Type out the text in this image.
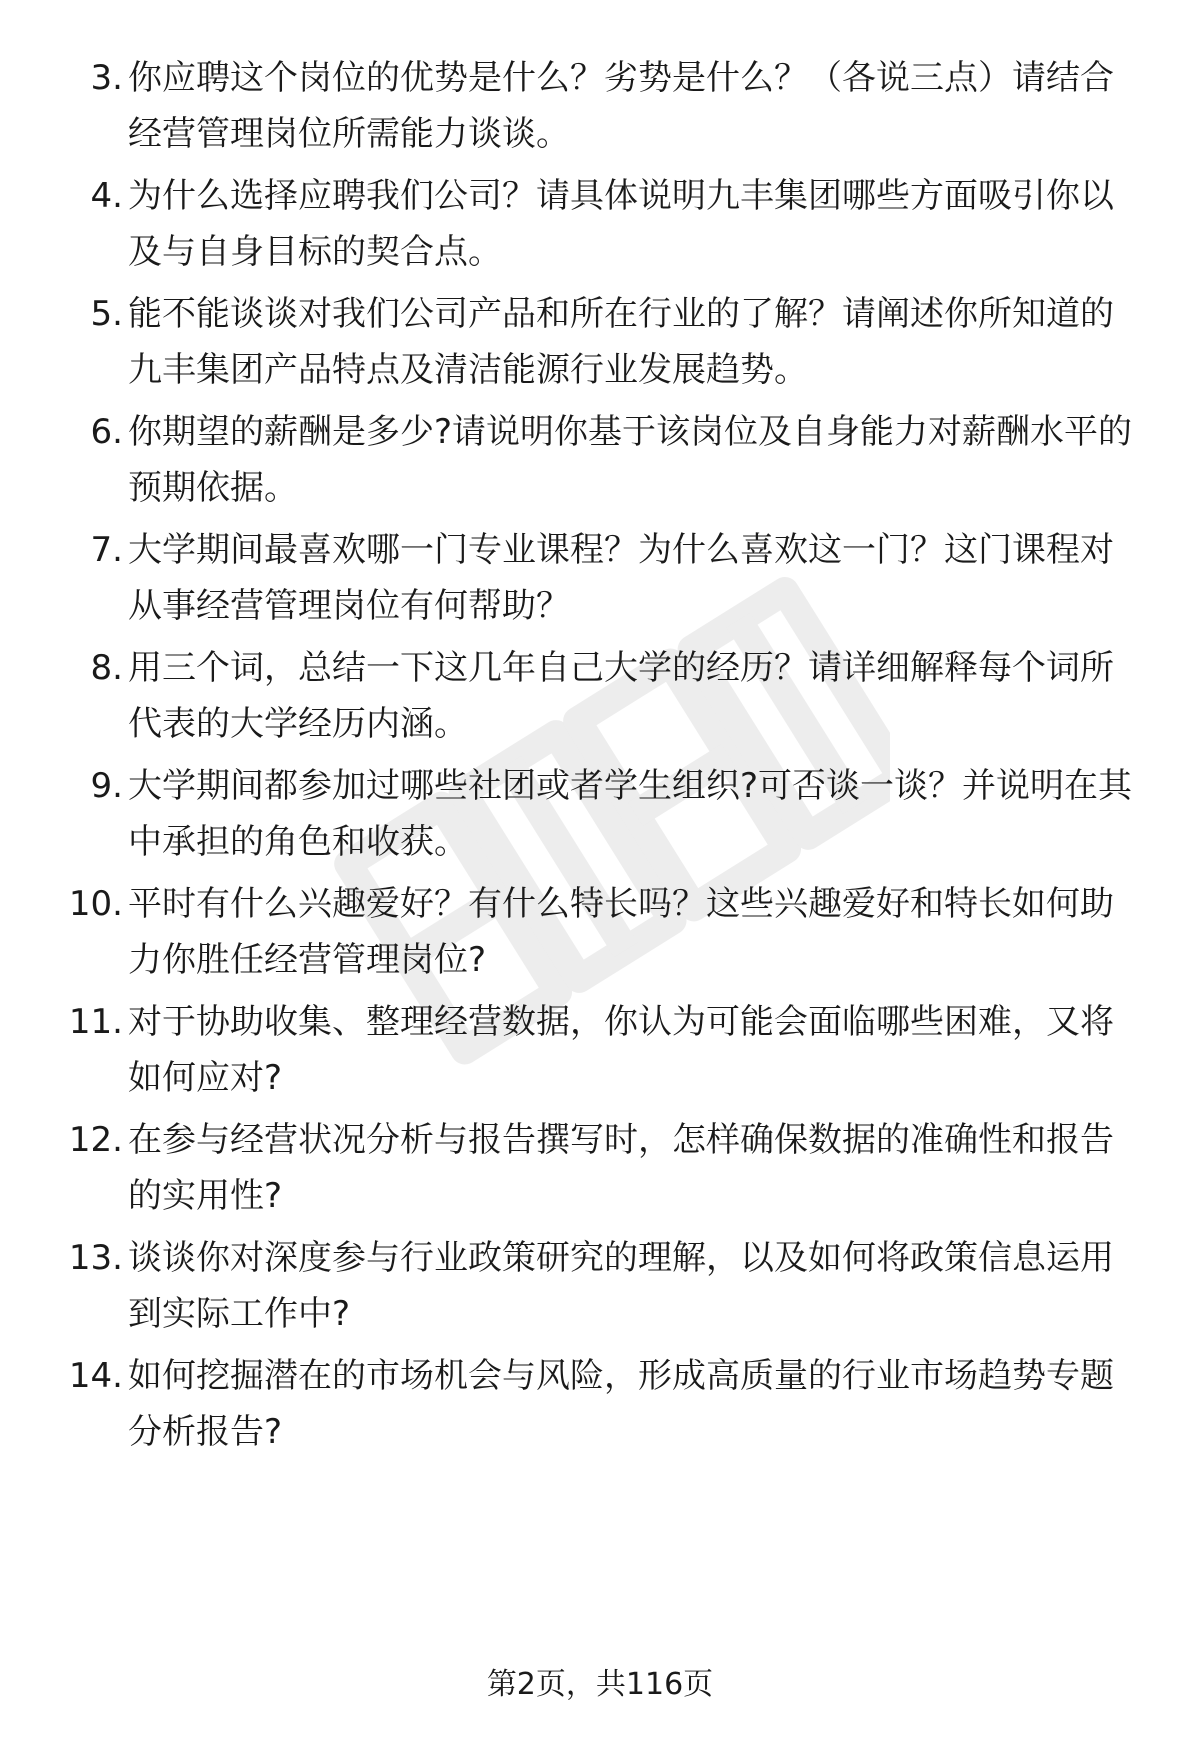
3. 你应聘这个岗位的优势是什么？劣势是什么？（各说三点）请结合经营管理岗位所需能力谈谈。
4. 为什么选择应聘我们公司？请具体说明九丰集团哪些方面吸引你以及与自身目标的契合点。
5. 能不能谈谈对我们公司产品和所在行业的了解？请阐述你所知道的九丰集团产品特点及清洁能源行业发展趋势。
6. 你期望的薪酬是多少?请说明你基于该岗位及自身能力对薪酬水平的预期依据。
7. 大学期间最喜欢哪一门专业课程？为什么喜欢这一门？这门课程对从事经营管理岗位有何帮助？
8. 用三个词，总结一下这几年自己大学的经历？请详细解释每个词所代表的大学经历内涵。
9. 大学期间都参加过哪些社团或者学生组织?可否谈一谈？并说明在其中承担的角色和收获。
10. 平时有什么兴趣爱好？有什么特长吗？这些兴趣爱好和特长如何助力你胜任经营管理岗位?
11. 对于协助收集、整理经营数据，你认为可能会面临哪些困难，又将如何应对?
12. 在参与经营状况分析与报告撰写时，怎样确保数据的准确性和报告的实用性?
13. 谈谈你对深度参与行业政策研究的理解，以及如何将政策信息运用到实际工作中?
14. 如何挖掘潜在的市场机会与风险，形成高质量的行业市场趋势专题分析报告?
第2页，共116页
